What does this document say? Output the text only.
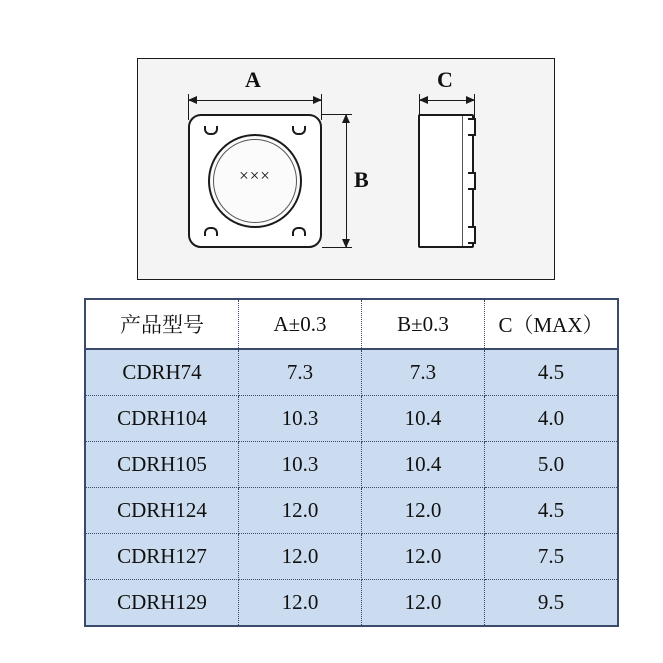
×××
A
B
C
产品型号	A±0.3	B±0.3	C（MAX）
CDRH74	7.3	7.3	4.5
CDRH104	10.3	10.4	4.0
CDRH105	10.3	10.4	5.0
CDRH124	12.0	12.0	4.5
CDRH127	12.0	12.0	7.5
CDRH129	12.0	12.0	9.5
